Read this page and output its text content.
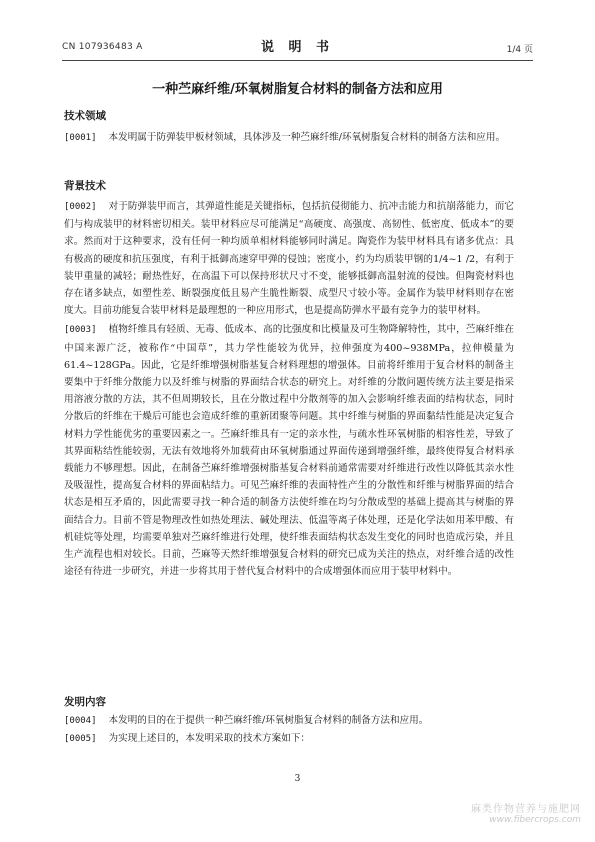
CN 107936483 A	说 明 书	1/4 页
一种苎麻纤维/环氧树脂复合材料的制备方法和应用
技术领域
[0001] 本发明属于防弹装甲板材领域，具体涉及一种苎麻纤维/环氧树脂复合材料的制备方法和应用。
背景技术
[0002] 对于防弹装甲而言，其弹道性能是关键指标，包括抗侵彻能力、抗冲击能力和抗崩落能力，而它们与构成装甲的材料密切相关。装甲材料应尽可能满足“高硬度、高强度、高韧性、低密度、低成本”的要求。然而对于这种要求，没有任何一种均质单相材料能够同时满足。陶瓷作为装甲材料具有诸多优点：具有极高的硬度和抗压强度，有利于抵御高速穿甲弹的侵蚀；密度小，约为均质装甲钢的1/4~1 /2，有利于装甲重量的减轻；耐热性好，在高温下可以保持形状尺寸不变，能够抵御高温射流的侵蚀。但陶瓷材料也存在诸多缺点，如塑性差、断裂强度低且易产生脆性断裂、成型尺寸较小等。金属作为装甲材料则存在密度大。目前功能复合装甲材料是最理想的一种应用形式，也是提高防弹水平最有竞争力的装甲材料。
[0003] 植物纤维具有轻质、无毒、低成本、高的比强度和比模量及可生物降解特性，其中，苎麻纤维在中国来源广泛，被称作“中国草”，其力学性能较为优异，拉伸强度为400~938MPa，拉伸模量为 61.4~128GPa。因此，它是纤维增强树脂基复合材料理想的增强体。目前将纤维用于复合材料的制备主要集中于纤维分散能力以及纤维与树脂的界面结合状态的研究上。对纤维的分散问题传统方法主要是指采用溶液分散的方法，其不但周期较长，且在分散过程中分散剂等的加入会影响纤维表面的结构状态，同时分散后的纤维在干燥后可能也会造成纤维的重新团聚等问题。其中纤维与树脂的界面黏结性能是决定复合材料力学性能优劣的重要因素之一。苎麻纤维具有一定的亲水性，与疏水性环氧树脂的相容性差，导致了其界面粘结性能较弱，无法有效地将外加载荷由环氧树脂通过界面传递到增强纤维，最终使得复合材料承载能力不够理想。因此，在制备苎麻纤维增强树脂基复合材料前通常需要对纤维进行改性以降低其亲水性及吸湿性，提高复合材料的界面粘结力。可见苎麻纤维的表面特性产生的分散性和纤维与树脂界面的结合状态是相互矛盾的，因此需要寻找一种合适的制备方法使纤维在均匀分散成型的基础上提高其与树脂的界面结合力。目前不管是物理改性如热处理法、碱处理法、低温等离子体处理，还是化学法如用苯甲酸、有机硅烷等处理，均需要单独对苎麻纤维进行处理，使纤维表面结构状态发生变化的同时也造成污染，并且生产流程也相对较长。目前，苎麻等天然纤维增强复合材料的研究已成为关注的热点，对纤维合适的改性途径有待进一步研究，并进一步将其用于替代复合材料中的合成增强体而应用于装甲材料中。
发明内容
[0004] 本发明的目的在于提供一种苎麻纤维/环氧树脂复合材料的制备方法和应用。
[0005] 为实现上述目的，本发明采取的技术方案如下：
3
麻类作物营养与施肥网
www.fibercrops.com
